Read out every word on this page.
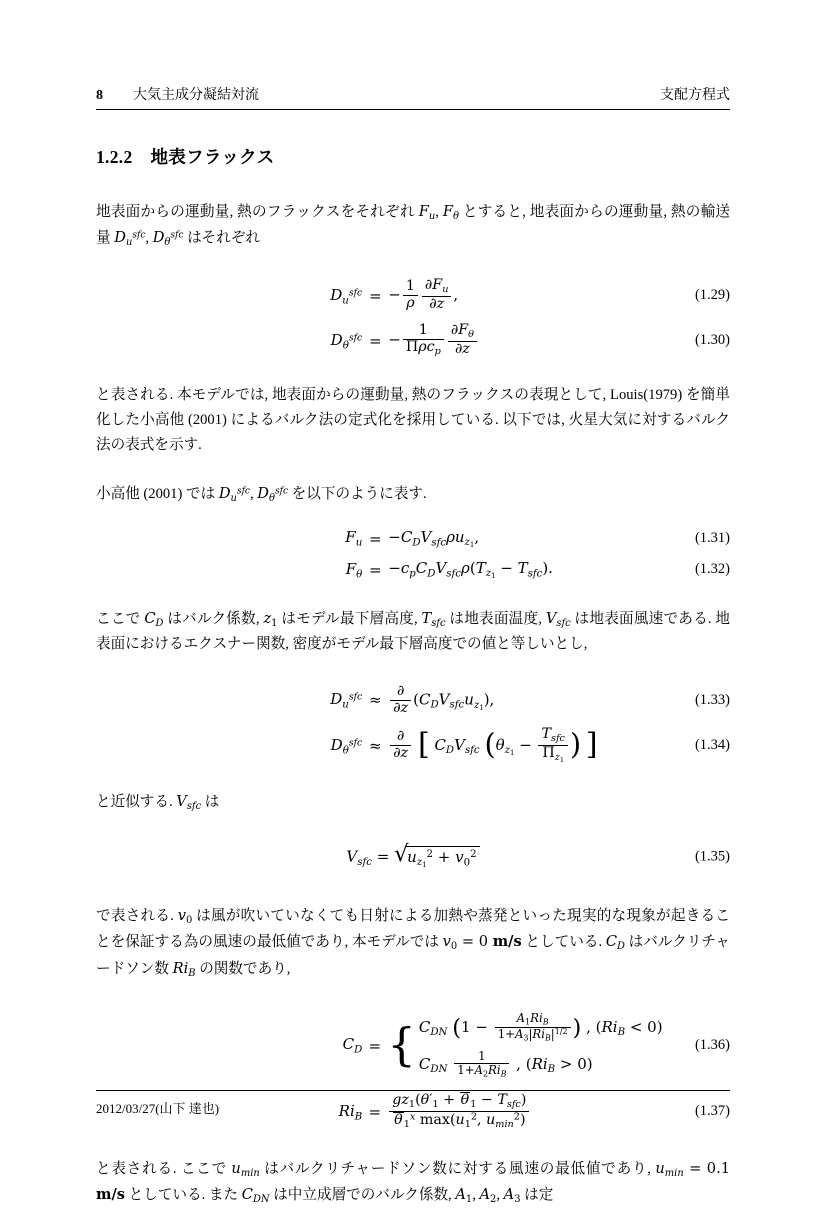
8 大気主成分凝結対流	支配方程式
1.2.2 地表フラックス

地表面からの運動量, 熱のフラックスをそれぞれ $F_u$, $F_\theta$ とすると, 地表面からの運動量, 熱の輸送量 $D_u^{sfc}$, $D_\theta^{sfc}$ はそれぞれ

$D_u^{sfc}$	=	− $\frac{1}{\rho} \frac{\partial F_u}{\partial z}$ ,	(1.29)
$D_\theta^{sfc}$	=	− $\frac{1}{\Pi\rho c_p} \frac{\partial F_\theta}{\partial z}$	(1.30)

と表される. 本モデルでは, 地表面からの運動量, 熱のフラックスの表現として, Louis(1979) を簡単化した小高他 (2001) によるバルク法の定式化を採用している. 以下では, 火星大気に対するバルク法の表式を示す.

小高他 (2001) では $D_u^{sfc}$, $D_\theta^{sfc}$ を以下のように表す.

$F_u$	=	$-C_DV_{sfc}\rho u_{z_1}$,	(1.31)
$F_\theta$	=	$-c_pC_DV_{sfc}\rho(T_{z_1} - T_{sfc})$.	(1.32)

ここで $C_D$ はバルク係数, $z_1$ はモデル最下層高度, $T_{sfc}$ は地表面温度, $V_{sfc}$ は地表面風速である. 地表面におけるエクスナー関数, 密度がモデル最下層高度での値と等しいとし,

$D_u^{sfc}$	≈	$\frac{\partial}{\partial z} (C_DV_{sfc}u_{z_1})$,	(1.33)
$D_\theta^{sfc}$	≈	$\frac{\partial}{\partial z}$ [ $C_DV_{sfc}$ ($\theta_{z_1} - \frac{T_{sfc}}{\Pi_{z_1}}$ ) ]	(1.34)

と近似する. $V_{sfc}$ は

$V_{sfc}$ = √ $u_{z_1}^2 + v_0^2$	(1.35)

で表される. $v_0$ は風が吹いていなくても日射による加熱や蒸発といった現実的な現象が起きることを保証する為の風速の最低値であり, 本モデルでは $v_0 = 0$ m/s としている. $C_D$ はバルクリチャードソン数 $Ri_B$ の関数であり,

$C_D$	=	{ $C_{DN}$ ($1 - \frac{A_1Ri_B}{1+A_3|Ri_B|^{1/2}}$ ) , $(Ri_B < 0)$
$C_{DN} \frac{1}{1+A_2Ri_B}$ , $(Ri_B > 0)$
	(1.36)
$Ri_B$	=	$\frac{gz_1(\theta'_1 + \theta_1 - T_{sfc})}{\theta_1^x \max(u_1^2, u_{min}^2)}$	(1.37)

と表される. ここで $u_{min}$ はバルクリチャードソン数に対する風速の最低値であり, $u_{min} = 0.1$ m/s としている. また $C_{DN}$ は中立成層でのバルク係数, $A_1$, $A_2$, $A_3$ は定

2012/03/27(山下 達也)
